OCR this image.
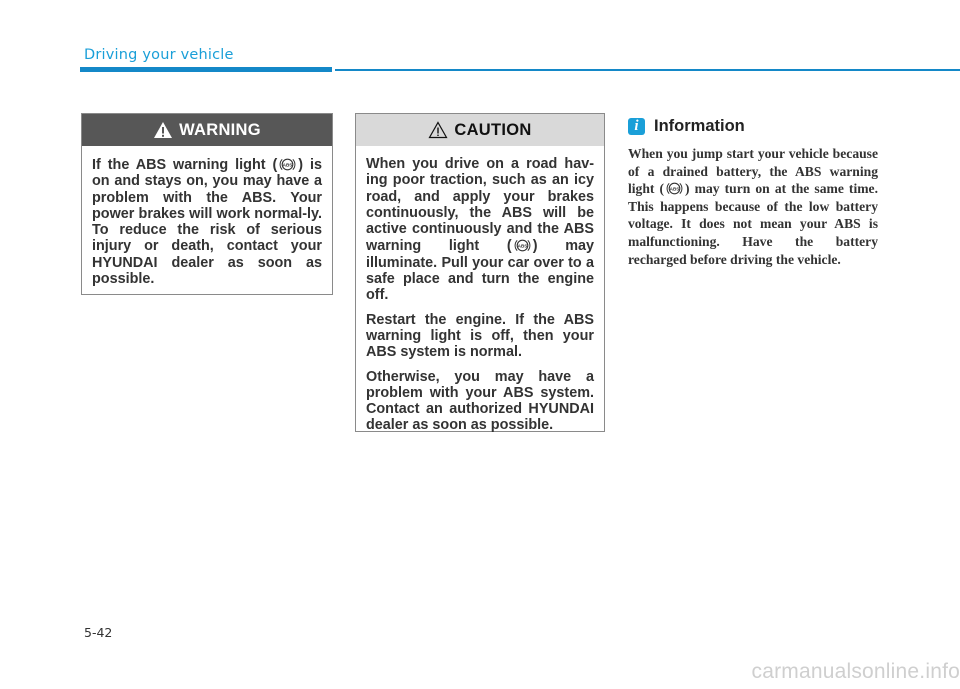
Driving your vehicle
WARNING

If the ABS warning light ( ABS ) is on and stays on, you may have a problem with the ABS. Your power brakes will work normal-ly. To reduce the risk of serious injury or death, contact your HYUNDAI dealer as soon as possible.

CAUTION

When you drive on a road hav-ing poor traction, such as an icy road, and apply your brakes continuously, the ABS will be active continuously and the ABS warning light ( ABS ) may illuminate. Pull your car over to a safe place and turn the engine off.

Restart the engine. If the ABS warning light is off, then your ABS system is normal.

Otherwise, you may have a problem with your ABS system. Contact an authorized HYUNDAI dealer as soon as possible.

i Information

When you jump start your vehicle because of a drained battery, the ABS warning light ( ABS ) may turn on at the same time. This happens because of the low battery voltage. It does not mean your ABS is malfunctioning. Have the battery recharged before driving the vehicle.

5-42
carmanualsonline.info
